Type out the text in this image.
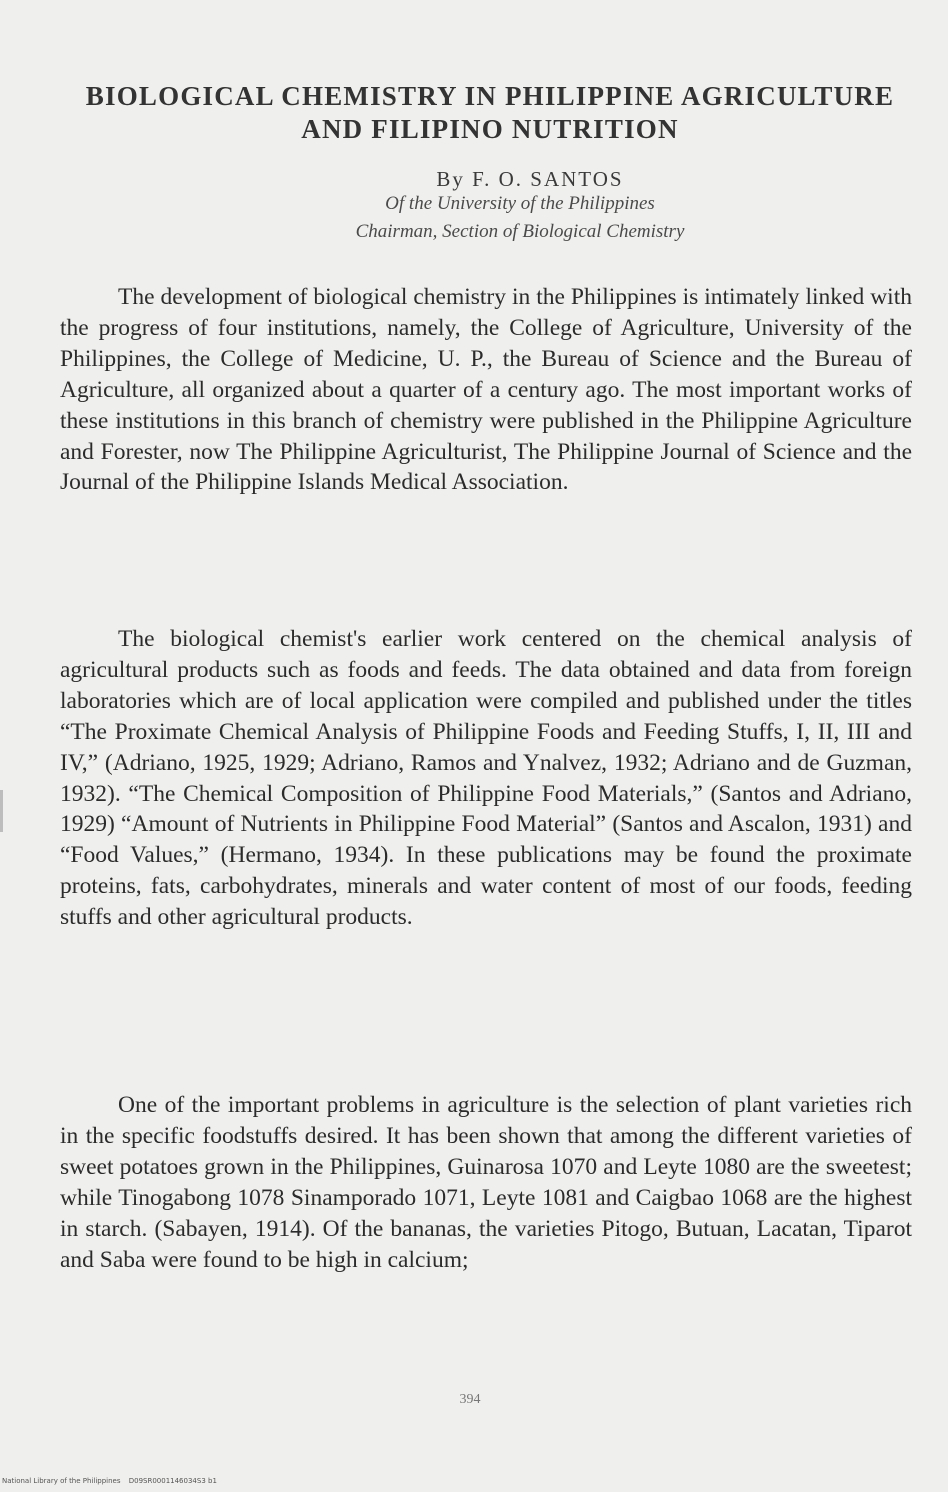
BIOLOGICAL CHEMISTRY IN PHILIPPINE AGRICULTURE AND FILIPINO NUTRITION
By F. O. SANTOS
Of the University of the Philippines
Chairman, Section of Biological Chemistry

The development of biological chemistry in the Philippines is intimately linked with the progress of four institutions, namely, the College of Agriculture, University of the Philippines, the College of Medicine, U. P., the Bureau of Science and the Bureau of Agriculture, all organized about a quarter of a century ago. The most important works of these institutions in this branch of chemistry were published in the Philippine Agriculture and Forester, now The Philippine Agriculturist, The Philippine Journal of Science and the Journal of the Philippine Islands Medical Association.

The biological chemist's earlier work centered on the chemical analysis of agricultural products such as foods and feeds. The data obtained and data from foreign laboratories which are of local application were compiled and published under the titles “The Proximate Chemical Analysis of Philippine Foods and Feeding Stuffs, I, II, III and IV,” (Adriano, 1925, 1929; Adriano, Ramos and Ynalvez, 1932; Adriano and de Guzman, 1932). “The Chemical Composition of Philippine Food Materials,” (Santos and Adriano, 1929) “Amount of Nutrients in Philippine Food Material” (Santos and Ascalon, 1931) and “Food Values,” (Hermano, 1934). In these publications may be found the proximate proteins, fats, carbohydrates, minerals and water content of most of our foods, feeding stuffs and other agricultural products.

One of the important problems in agriculture is the selection of plant varieties rich in the specific foodstuffs desired. It has been shown that among the different varieties of sweet potatoes grown in the Philippines, Guinarosa 1070 and Leyte 1080 are the sweetest; while Tinogabong 1078 Sinamporado 1071, Leyte 1081 and Caigbao 1068 are the highest in starch. (Sabayen, 1914). Of the bananas, the varieties Pitogo, Butuan, Lacatan, Tiparot and Saba were found to be high in calcium;

394
National Library of the Philippines D09SR0001146034S3 b1
